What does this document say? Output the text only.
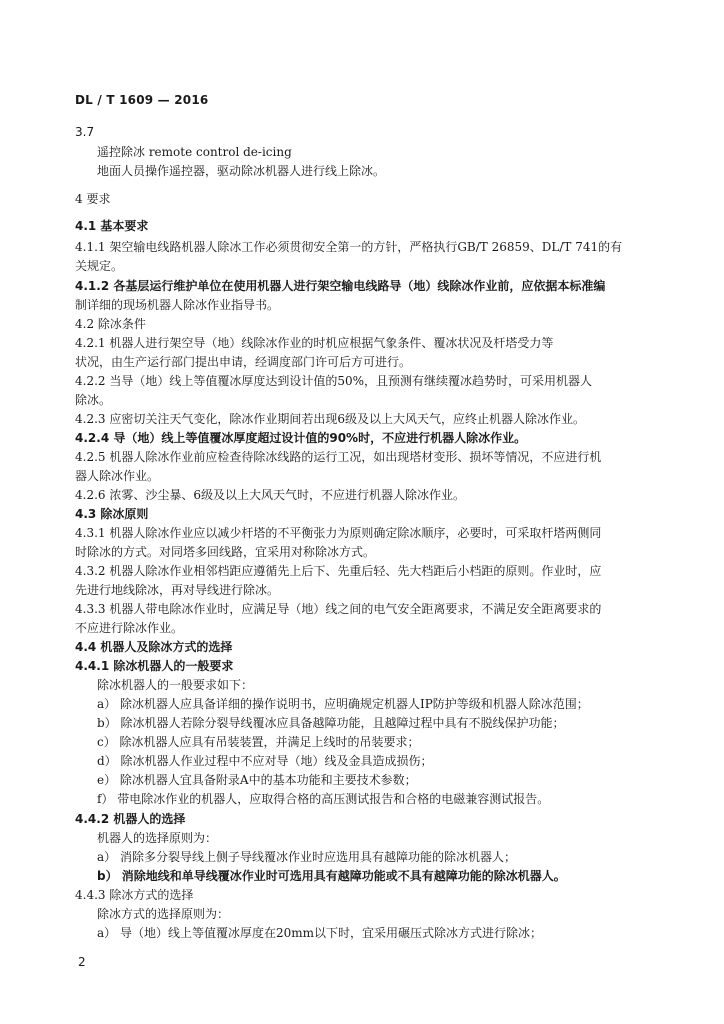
DL / T 1609 — 2016
3.7
遥控除冰 remote control de-icing
地面人员操作遥控器，驱动除冰机器人进行线上除冰。
4 要求
4.1 基本要求
4.1.1 架空输电线路机器人除冰工作必须贯彻安全第一的方针，严格执行GB/T 26859、DL/T 741的有
关规定。
4.1.2 各基层运行维护单位在使用机器人进行架空输电线路导（地）线除冰作业前，应依据本标准编
制详细的现场机器人除冰作业指导书。
4.2 除冰条件
4.2.1 机器人进行架空导（地）线除冰作业的时机应根据气象条件、覆冰状况及杆塔受力等
状况，由生产运行部门提出申请，经调度部门许可后方可进行。
4.2.2 当导（地）线上等值覆冰厚度达到设计值的50%，且预测有继续覆冰趋势时，可采用机器人
除冰。
4.2.3 应密切关注天气变化，除冰作业期间若出现6级及以上大风天气，应终止机器人除冰作业。
4.2.4 导（地）线上等值覆冰厚度超过设计值的90%时，不应进行机器人除冰作业。
4.2.5 机器人除冰作业前应检查待除冰线路的运行工况，如出现塔材变形、损坏等情况，不应进行机
器人除冰作业。
4.2.6 浓雾、沙尘暴、6级及以上大风天气时，不应进行机器人除冰作业。
4.3 除冰原则
4.3.1 机器人除冰作业应以减少杆塔的不平衡张力为原则确定除冰顺序，必要时，可采取杆塔两侧同
时除冰的方式。对同塔多回线路，宜采用对称除冰方式。
4.3.2 机器人除冰作业相邻档距应遵循先上后下、先重后轻、先大档距后小档距的原则。作业时，应
先进行地线除冰，再对导线进行除冰。
4.3.3 机器人带电除冰作业时，应满足导（地）线之间的电气安全距离要求，不满足安全距离要求的
不应进行除冰作业。
4.4 机器人及除冰方式的选择
4.4.1 除冰机器人的一般要求
除冰机器人的一般要求如下：
a） 除冰机器人应具备详细的操作说明书，应明确规定机器人IP防护等级和机器人除冰范围；
b） 除冰机器人若除分裂导线覆冰应具备越障功能，且越障过程中具有不脱线保护功能；
c） 除冰机器人应具有吊装装置，并满足上线时的吊装要求；
d） 除冰机器人作业过程中不应对导（地）线及金具造成损伤；
e） 除冰机器人宜具备附录A中的基本功能和主要技术参数；
f） 带电除冰作业的机器人，应取得合格的高压测试报告和合格的电磁兼容测试报告。
4.4.2 机器人的选择
机器人的选择原则为：
a） 消除多分裂导线上侧子导线覆冰作业时应选用具有越障功能的除冰机器人；
b） 消除地线和单导线覆冰作业时可选用具有越障功能或不具有越障功能的除冰机器人。
4.4.3 除冰方式的选择
除冰方式的选择原则为：
a） 导（地）线上等值覆冰厚度在20mm以下时，宜采用碾压式除冰方式进行除冰；
2
